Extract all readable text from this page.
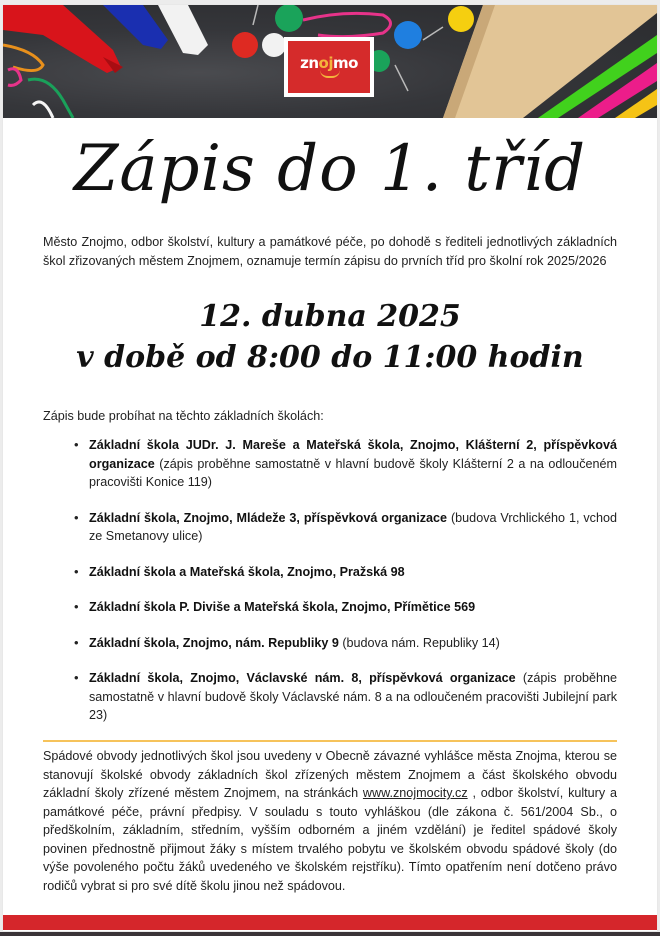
znojmo
Zápis do 1. tříd
Město Znojmo, odbor školství, kultury a památkové péče, po dohodě s řediteli jednotlivých základních škol zřizovaných městem Znojmem, oznamuje termín zápisu do prvních tříd pro školní rok 2025/2026
12. dubna 2025
v době od 8:00 do 11:00 hodin
Zápis bude probíhat na těchto základních školách:
• Základní škola JUDr. J. Mareše a Mateřská škola, Znojmo, Klášterní 2, příspěvková organizace (zápis proběhne samostatně v hlavní budově školy Klášterní 2 a na odloučeném pracovišti Konice 119)
• Základní škola, Znojmo, Mládeže 3, příspěvková organizace (budova Vrchlického 1, vchod ze Smetanovy ulice)
• Základní škola a Mateřská škola, Znojmo, Pražská 98
• Základní škola P. Diviše a Mateřská škola, Znojmo, Přímětice 569
• Základní škola, Znojmo, nám. Republiky 9 (budova nám. Republiky 14)
• Základní škola, Znojmo, Václavské nám. 8, příspěvková organizace (zápis proběhne samostatně v hlavní budově školy Václavské nám. 8 a na odloučeném pracovišti Jubilejní park 23)
Spádové obvody jednotlivých škol jsou uvedeny v Obecně závazné vyhlášce města Znojma, kterou se stanovují školské obvody základních škol zřízených městem Znojmem a část školského obvodu základní školy zřízené městem Znojmem, na stránkách www.znojmocity.cz , odbor školství, kultury a památkové péče, právní předpisy. V souladu s touto vyhláškou (dle zákona č. 561/2004 Sb., o předškolním, základním, středním, vyšším odborném a jiném vzdělání) je ředitel spádové školy povinen přednostně přijmout žáky s místem trvalého pobytu ve školském obvodu spádové školy (do výše povoleného počtu žáků uvedeného ve školském rejstříku). Tímto opatřením není dotčeno právo rodičů vybrat si pro své dítě školu jinou než spádovou.
